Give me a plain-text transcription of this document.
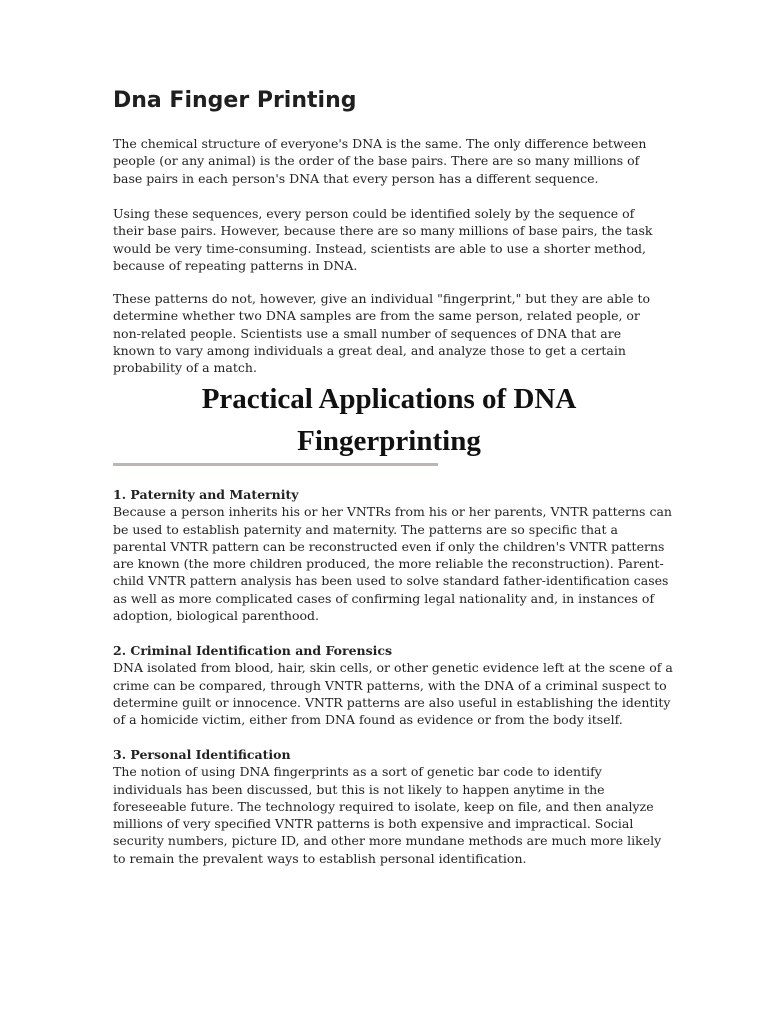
Dna Finger Printing

The chemical structure of everyone's DNA is the same. The only difference between people (or any animal) is the order of the base pairs. There are so many millions of base pairs in each person's DNA that every person has a different sequence.

Using these sequences, every person could be identified solely by the sequence of their base pairs. However, because there are so many millions of base pairs, the task would be very time-consuming. Instead, scientists are able to use a shorter method, because of repeating patterns in DNA.

These patterns do not, however, give an individual "fingerprint," but they are able to determine whether two DNA samples are from the same person, related people, or non-related people. Scientists use a small number of sequences of DNA that are known to vary among individuals a great deal, and analyze those to get a certain probability of a match.

Practical Applications of DNA Fingerprinting
1. Paternity and Maternity
Because a person inherits his or her VNTRs from his or her parents, VNTR patterns can be used to establish paternity and maternity. The patterns are so specific that a parental VNTR pattern can be reconstructed even if only the children's VNTR patterns are known (the more children produced, the more reliable the reconstruction). Parent-child VNTR pattern analysis has been used to solve standard father-identification cases as well as more complicated cases of confirming legal nationality and, in instances of adoption, biological parenthood.
2. Criminal Identification and Forensics
DNA isolated from blood, hair, skin cells, or other genetic evidence left at the scene of a crime can be compared, through VNTR patterns, with the DNA of a criminal suspect to determine guilt or innocence. VNTR patterns are also useful in establishing the identity of a homicide victim, either from DNA found as evidence or from the body itself.
3. Personal Identification
The notion of using DNA fingerprints as a sort of genetic bar code to identify individuals has been discussed, but this is not likely to happen anytime in the foreseeable future. The technology required to isolate, keep on file, and then analyze millions of very specified VNTR patterns is both expensive and impractical. Social security numbers, picture ID, and other more mundane methods are much more likely to remain the prevalent ways to establish personal identification.
